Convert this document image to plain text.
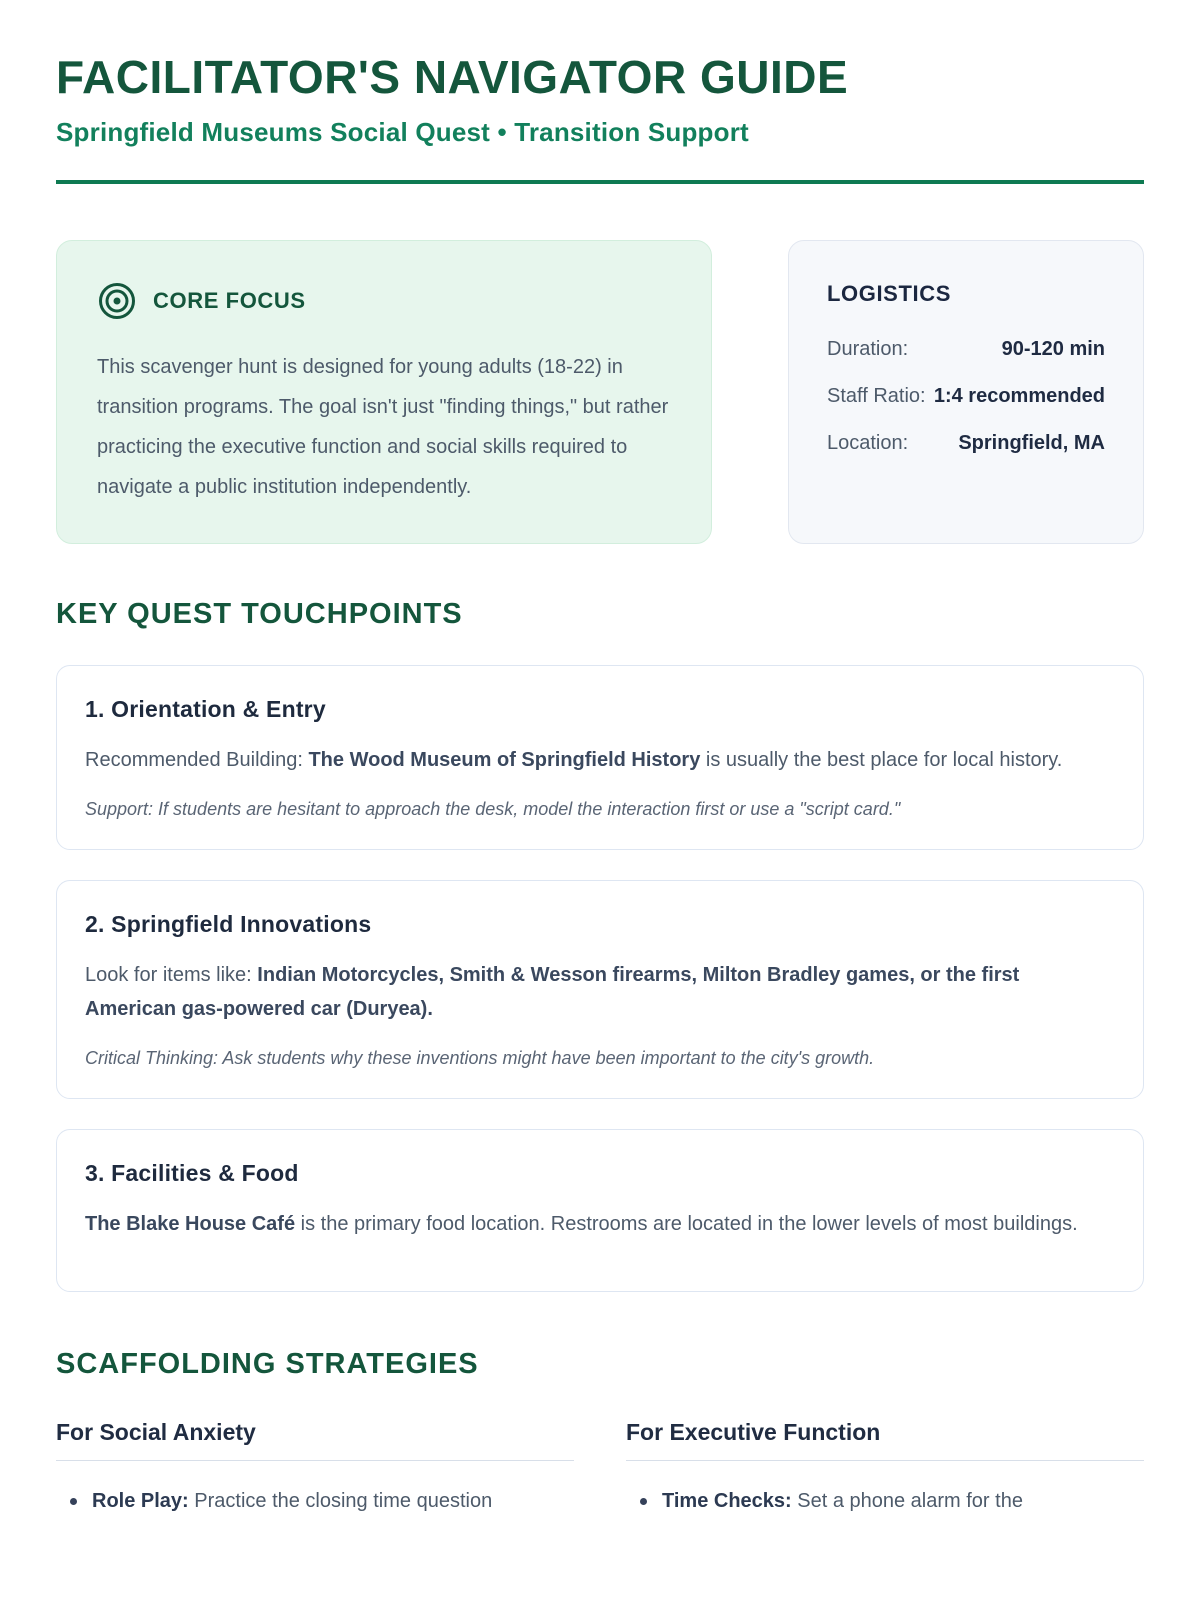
FACILITATOR'S NAVIGATOR GUIDE
Springfield Museums Social Quest • Transition Support
CORE FOCUS
This scavenger hunt is designed for young adults (18-22) in transition programs. The goal isn't just "finding things," but rather practicing the executive function and social skills required to navigate a public institution independently.
LOGISTICS
Duration:	90-120 min
Staff Ratio: 1:4 recommended
Location:	Springfield, MA
KEY QUEST TOUCHPOINTS
1. Orientation & Entry
Recommended Building: The Wood Museum of Springfield History is usually the best place for local history.
Support: If students are hesitant to approach the desk, model the interaction first or use a "script card."
2. Springfield Innovations
Look for items like: Indian Motorcycles, Smith & Wesson firearms, Milton Bradley games, or the first American gas-powered car (Duryea).
Critical Thinking: Ask students why these inventions might have been important to the city's growth.
3. Facilities & Food
The Blake House Café is the primary food location. Restrooms are located in the lower levels of most buildings.
SCAFFOLDING STRATEGIES
For Social Anxiety
Role Play: Practice the closing time question
For Executive Function
Time Checks: Set a phone alarm for the
